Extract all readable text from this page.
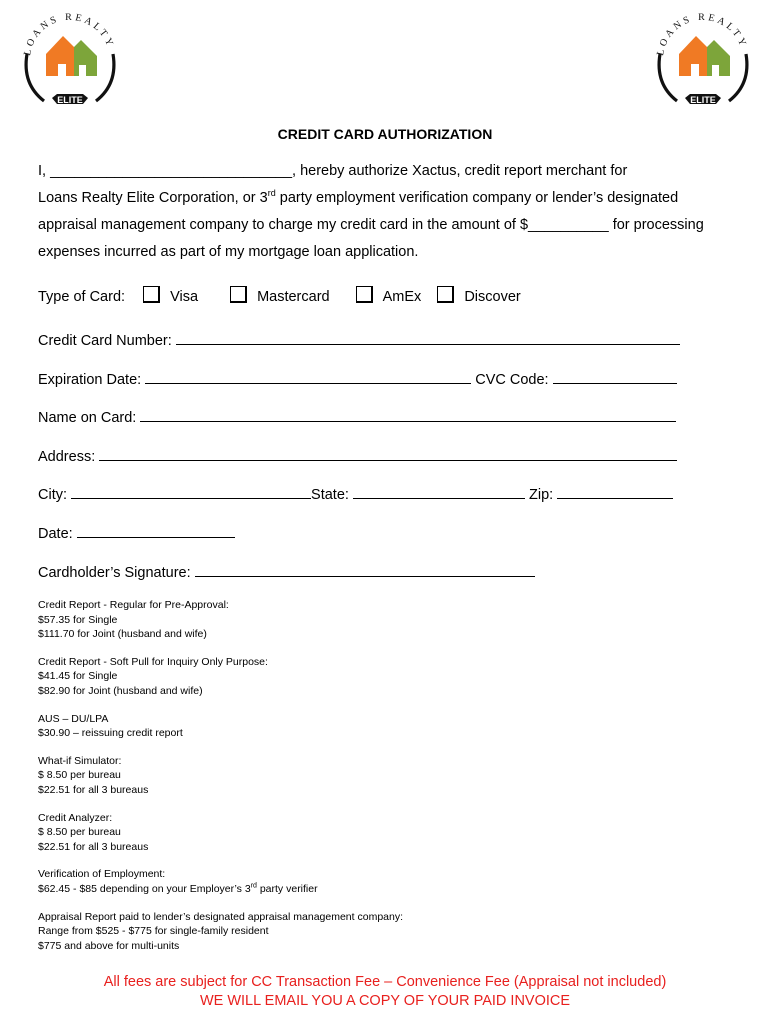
LOANS REALTY
ELITE
LOANS REALTY
ELITE
CREDIT CARD AUTHORIZATION
I, ______________________________, hereby authorize Xactus, credit report merchant for
Loans Realty Elite Corporation, or 3rd party employment verification company or lender’s designated
appraisal management company to charge my credit card in the amount of $__________ for processing
expenses incurred as part of my mortgage loan application.
Type of Card:	Visa	Mastercard	AmEx	Discover
Credit Card Number:
Expiration Date:	CVC Code:
Name on Card:
Address:
City:	State:	Zip:
Date:
Cardholder’s Signature:
Credit Report - Regular for Pre-Approval:
$57.35 for Single
$111.70 for Joint (husband and wife)
Credit Report - Soft Pull for Inquiry Only Purpose:
$41.45 for Single
$82.90 for Joint (husband and wife)
AUS – DU/LPA
$30.90 – reissuing credit report
What-if Simulator:
$ 8.50 per bureau
$22.51 for all 3 bureaus
Credit Analyzer:
$ 8.50 per bureau
$22.51 for all 3 bureaus
Verification of Employment:
$62.45 - $85 depending on your Employer’s 3rd party verifier
Appraisal Report paid to lender’s designated appraisal management company:
Range from $525 - $775 for single-family resident
$775 and above for multi-units
All fees are subject for CC Transaction Fee – Convenience Fee (Appraisal not included)
WE WILL EMAIL YOU A COPY OF YOUR PAID INVOICE
